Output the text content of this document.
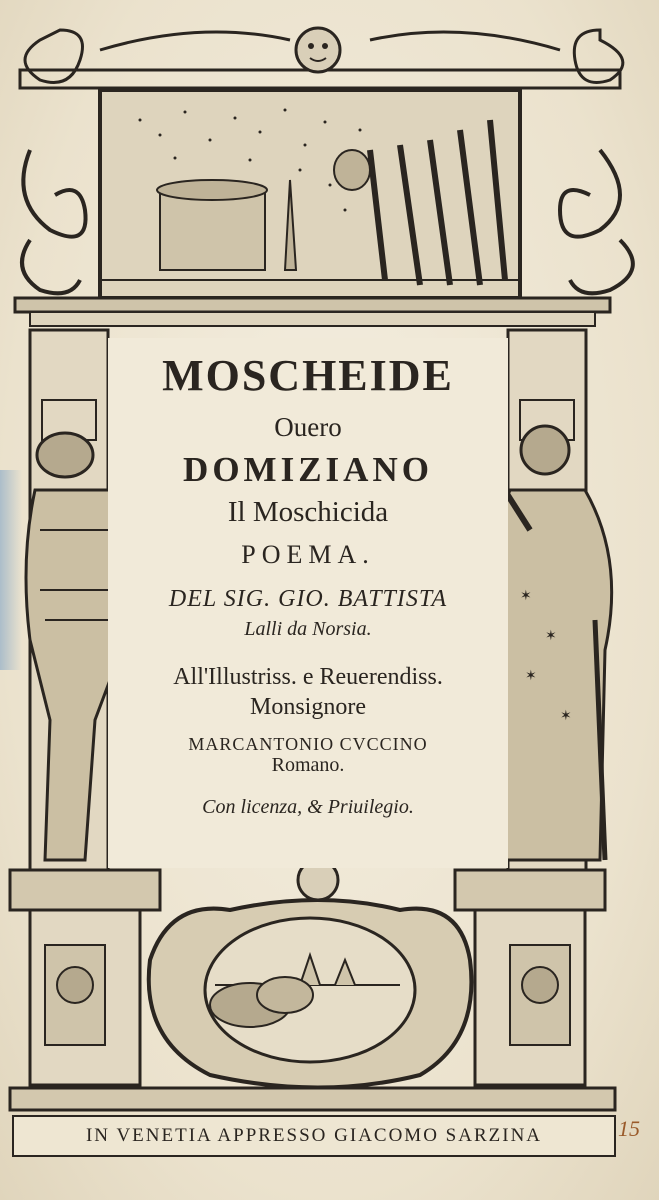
✶
✶
✶
✶
MOSCHEIDE
Ouero
DOMIZIANO
Il Moschicida
POEMA.
DEL SIG. GIO. BATTISTA
Lalli da Norsia.
All'Illustriss. e Reuerendiss.
Monsignore
MARCANTONIO CVCCINO
Romano.
Con licenza, & Priuilegio.
IN VENETIA APPRESSO GIACOMO SARZINA	15
